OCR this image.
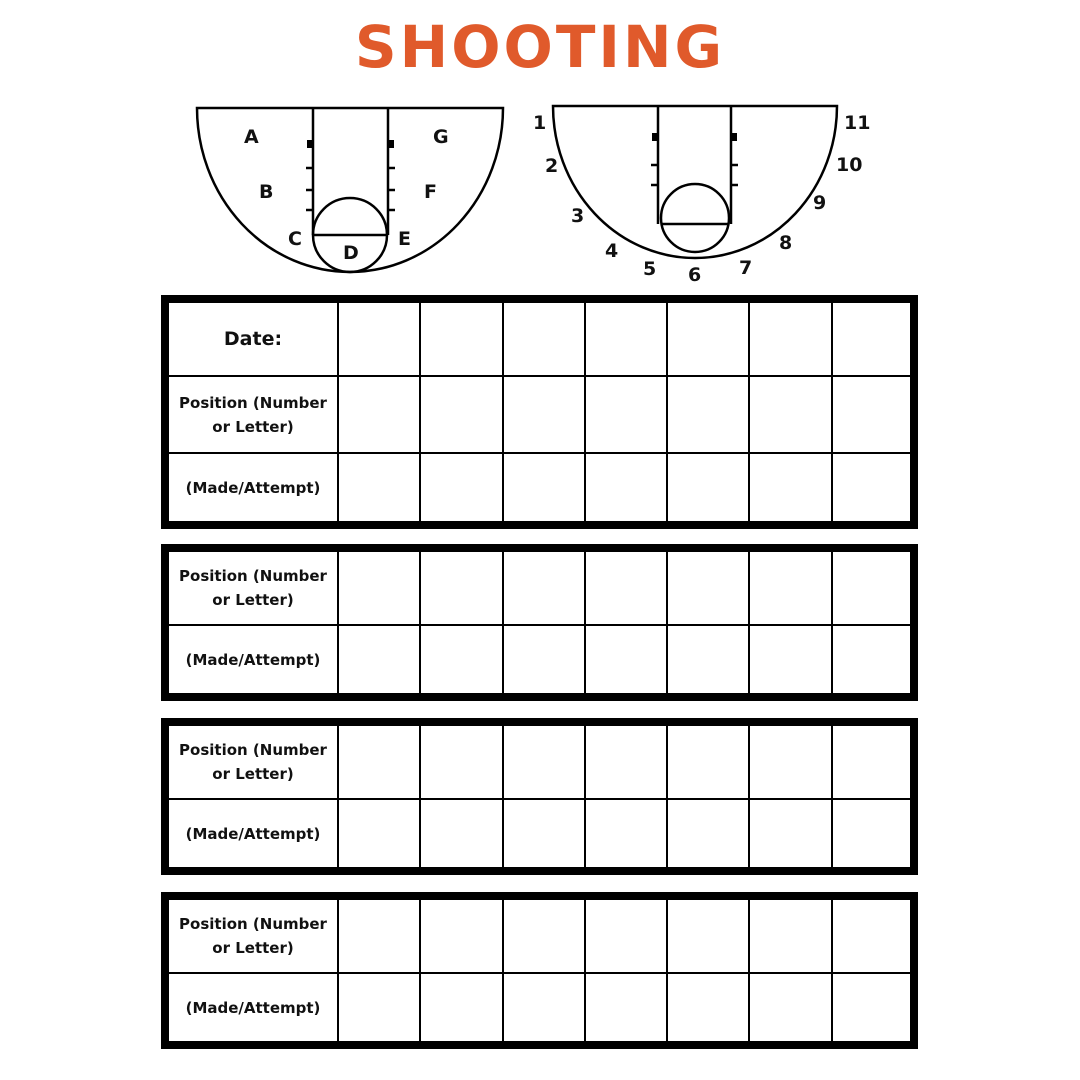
SHOOTING
A
B
C
D
E
F
G
1
2
3
4
5 6 7
8
9
10
11
Date:							
Position (Number or Letter)							
(Made/Attempt)							
Position (Number or Letter)							
(Made/Attempt)							
Position (Number or Letter)							
(Made/Attempt)							
Position (Number or Letter)							
(Made/Attempt)							
